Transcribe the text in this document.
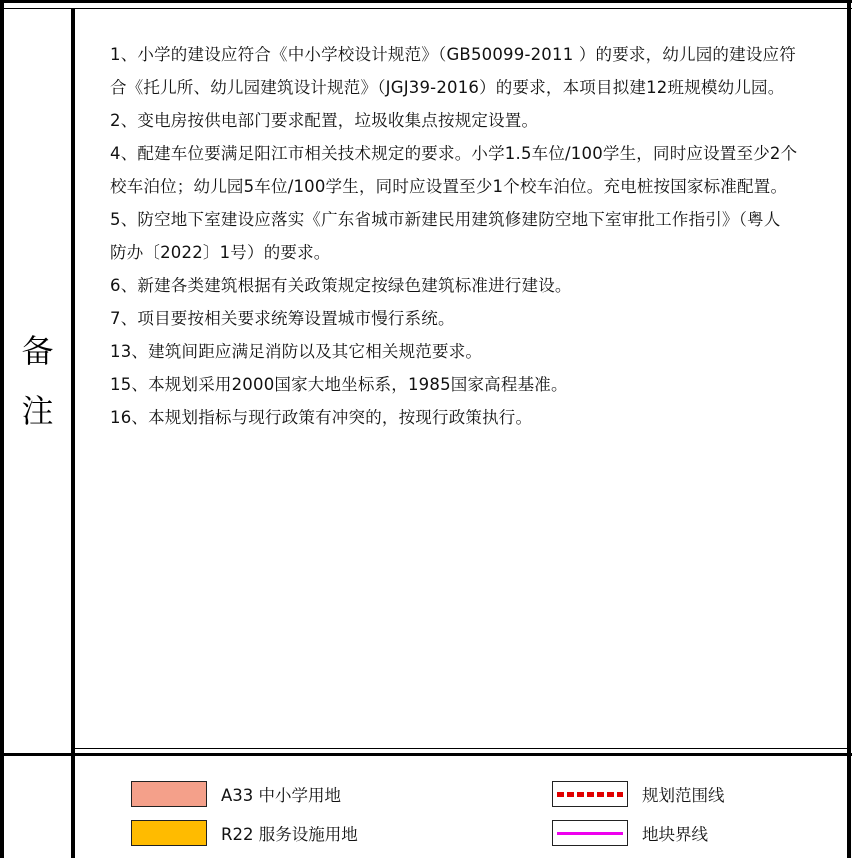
备
注
1、小学的建设应符合《中小学校设计规范》（GB50099-2011 ）的要求，幼儿园的建设应符
合《托儿所、幼儿园建筑设计规范》（JGJ39-2016）的要求，本项目拟建12班规模幼儿园。
2、变电房按供电部门要求配置，垃圾收集点按规定设置。
4、配建车位要满足阳江市相关技术规定的要求。小学1.5车位/100学生，同时应设置至少2个
校车泊位；幼儿园5车位/100学生，同时应设置至少1个校车泊位。充电桩按国家标准配置。
5、防空地下室建设应落实《广东省城市新建民用建筑修建防空地下室审批工作指引》（粤人
防办〔2022〕1号）的要求。
6、新建各类建筑根据有关政策规定按绿色建筑标准进行建设。
7、项目要按相关要求统筹设置城市慢行系统。
13、建筑间距应满足消防以及其它相关规范要求。
15、本规划采用2000国家大地坐标系，1985国家高程基准。
16、本规划指标与现行政策有冲突的，按现行政策执行。
A33 中小学用地
R22 服务设施用地
规划范围线
地块界线
